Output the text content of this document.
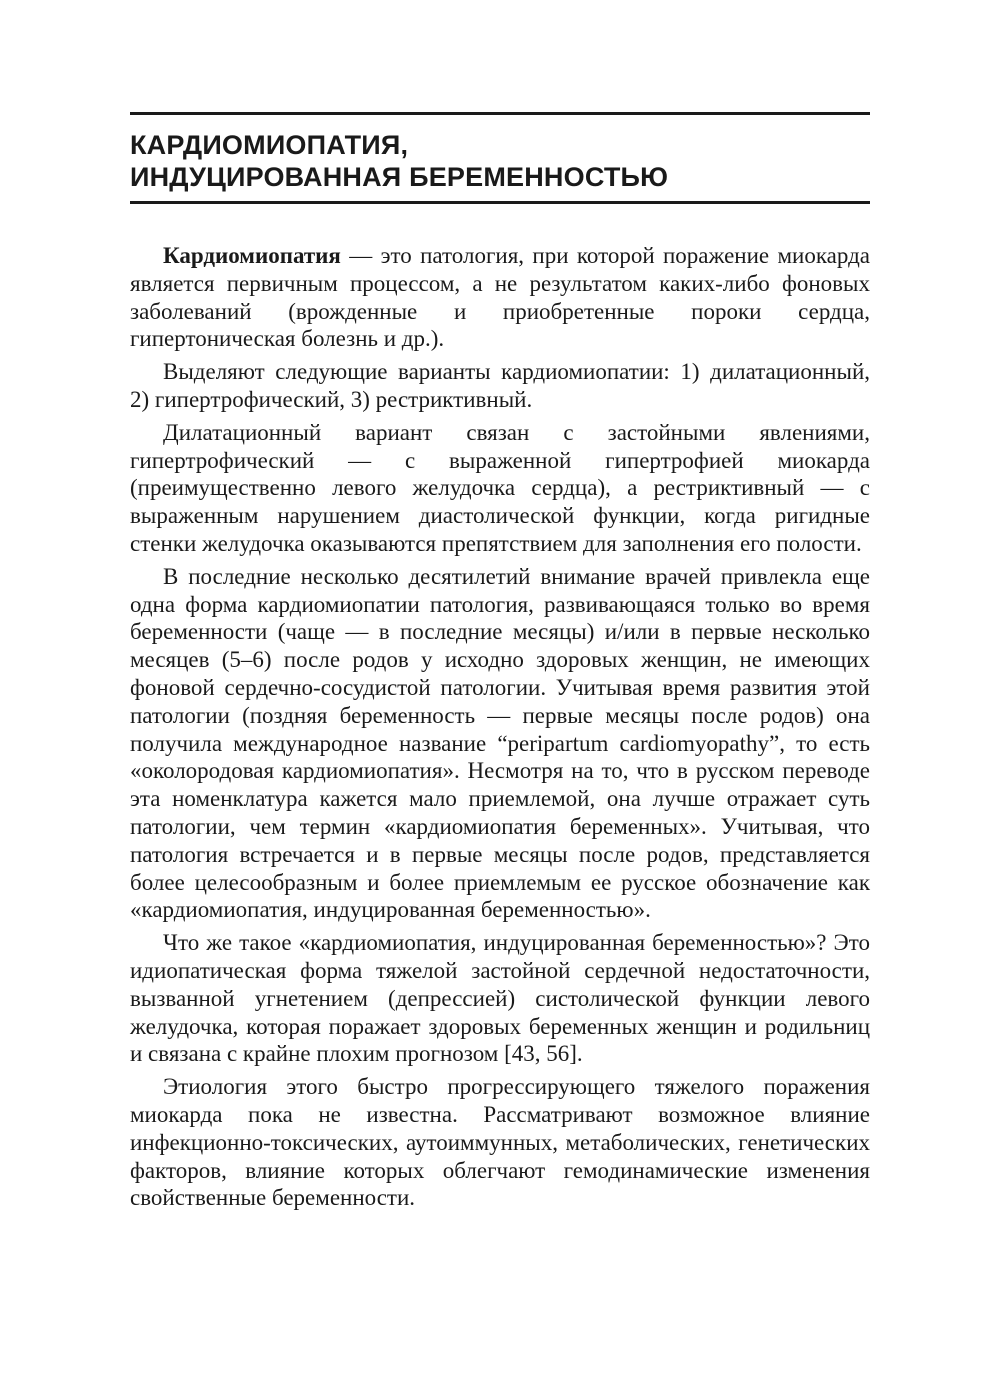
КАРДИОМИОПАТИЯ,
ИНДУЦИРОВАННАЯ БЕРЕМЕННОСТЬЮ

Кардиомиопатия — это патология, при которой поражение миокарда является первичным процессом, а не результатом каких-либо фоновых заболеваний (врожденные и приобретенные пороки сердца, гипертоническая болезнь и др.).

Выделяют следующие варианты кардиомиопатии: 1) дилатационный, 2) гипертрофический, 3) рестриктивный.

Дилатационный вариант связан с застойными явлениями, гипертрофический — с выраженной гипертрофией миокарда (преимущественно левого желудочка сердца), а рестриктивный — с выраженным нарушением диастолической функции, когда ригидные стенки желудочка оказываются препятствием для заполнения его полости.

В последние несколько десятилетий внимание врачей привлекла еще одна форма кардиомиопатии патология, развивающаяся только во время беременности (чаще — в последние месяцы) и/или в первые несколько месяцев (5–6) после родов у исходно здоровых женщин, не имеющих фоновой сердечно-сосудистой патологии. Учитывая время развития этой патологии (поздняя беременность — первые месяцы после родов) она получила международное название “peripartum cardiomyopathy”, то есть «околородовая кардиомиопатия». Несмотря на то, что в русском переводе эта номенклатура кажется мало приемлемой, она лучше отражает суть патологии, чем термин «кардиомиопатия беременных». Учитывая, что патология встречается и в первые месяцы после родов, представляется более целесообразным и более приемлемым ее русское обозначение как «кардиомиопатия, индуцированная беременностью».

Что же такое «кардиомиопатия, индуцированная беременностью»? Это идиопатическая форма тяжелой застойной сердечной недостаточности, вызванной угнетением (депрессией) систолической функции левого желудочка, которая поражает здоровых беременных женщин и родильниц и связана с крайне плохим прогнозом [43, 56].

Этиология этого быстро прогрессирующего тяжелого поражения миокарда пока не известна. Рассматривают возможное влияние инфекционно-токсических, аутоиммунных, метаболических, генетических факторов, влияние которых облегчают гемодинамические изменения свойственные беременности.
